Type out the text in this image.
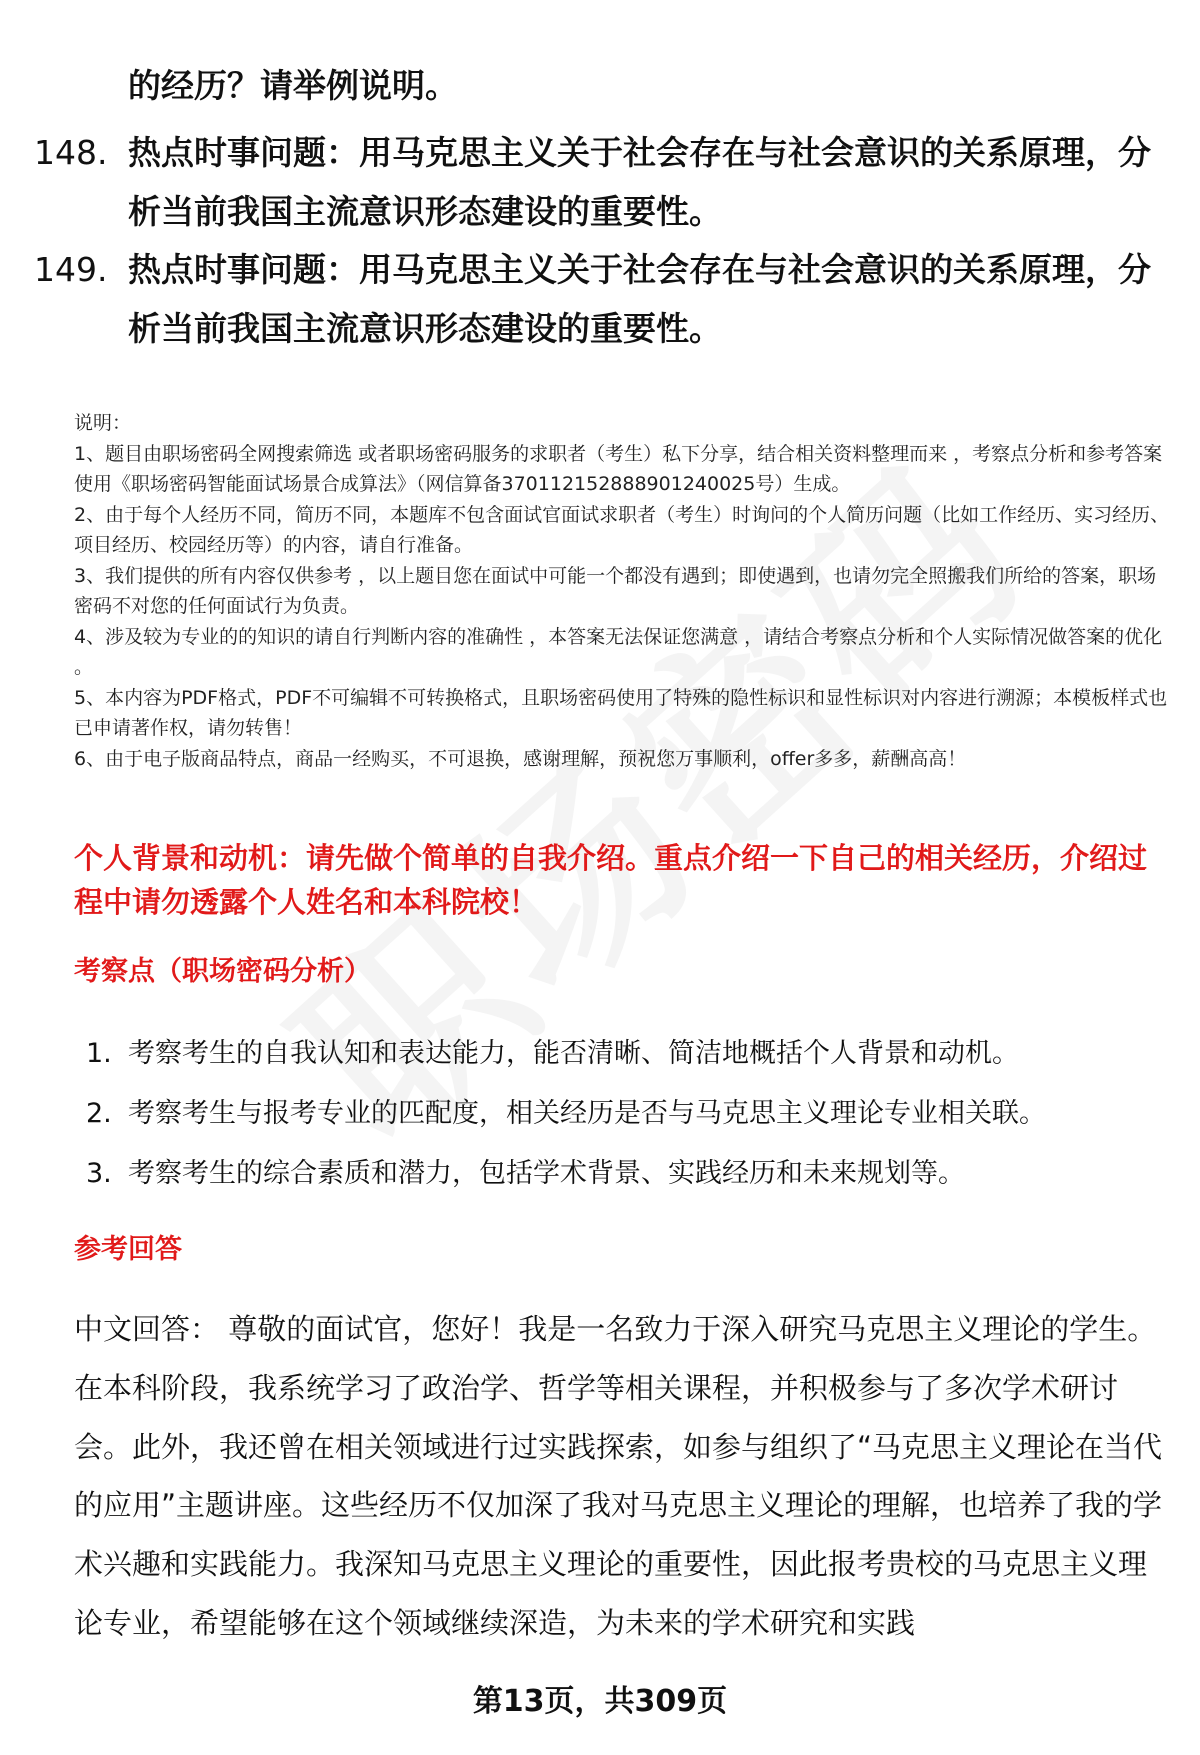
的经历？请举例说明。
148. 热点时事问题：用马克思主义关于社会存在与社会意识的关系原理，分析当前我国主流意识形态建设的重要性。
149. 热点时事问题：用马克思主义关于社会存在与社会意识的关系原理，分析当前我国主流意识形态建设的重要性。

说明：

1、题目由职场密码全网搜索筛选 或者职场密码服务的求职者（考生）私下分享，结合相关资料整理而来 ，考察点分析和参考答案使用《职场密码智能面试场景合成算法》（网信算备370112152888901240025号）生成。

2、由于每个人经历不同，简历不同，本题库不包含面试官面试求职者（考生）时询问的个人简历问题（比如工作经历、实习经历、项目经历、校园经历等）的内容，请自行准备。

3、我们提供的所有内容仅供参考 ，以上题目您在面试中可能一个都没有遇到；即使遇到，也请勿完全照搬我们所给的答案，职场密码不对您的任何面试行为负责。

4、涉及较为专业的的知识的请自行判断内容的准确性 ，本答案无法保证您满意 ，请结合考察点分析和个人实际情况做答案的优化 。

5、本内容为PDF格式，PDF不可编辑不可转换格式，且职场密码使用了特殊的隐性标识和显性标识对内容进行溯源；本模板样式也已申请著作权，请勿转售！

6、由于电子版商品特点，商品一经购买，不可退换，感谢理解，预祝您万事顺利，offer多多，薪酬高高！

个人背景和动机：请先做个简单的自我介绍。重点介绍一下自己的相关经历，介绍过程中请勿透露个人姓名和本科院校！
考察点（职场密码分析）
1. 考察考生的自我认知和表达能力，能否清晰、简洁地概括个人背景和动机。
2. 考察考生与报考专业的匹配度，相关经历是否与马克思主义理论专业相关联。
3. 考察考生的综合素质和潜力，包括学术背景、实践经历和未来规划等。
参考回答

中文回答： 尊敬的面试官，您好！我是一名致力于深入研究马克思主义理论的学生。在本科阶段，我系统学习了政治学、哲学等相关课程，并积极参与了多次学术研讨会。此外，我还曾在相关领域进行过实践探索，如参与组织了“马克思主义理论在当代的应用”主题讲座。这些经历不仅加深了我对马克思主义理论的理解，也培养了我的学术兴趣和实践能力。我深知马克思主义理论的重要性，因此报考贵校的马克思主义理论专业，希望能够在这个领域继续深造，为未来的学术研究和实践

第13页，共309页
